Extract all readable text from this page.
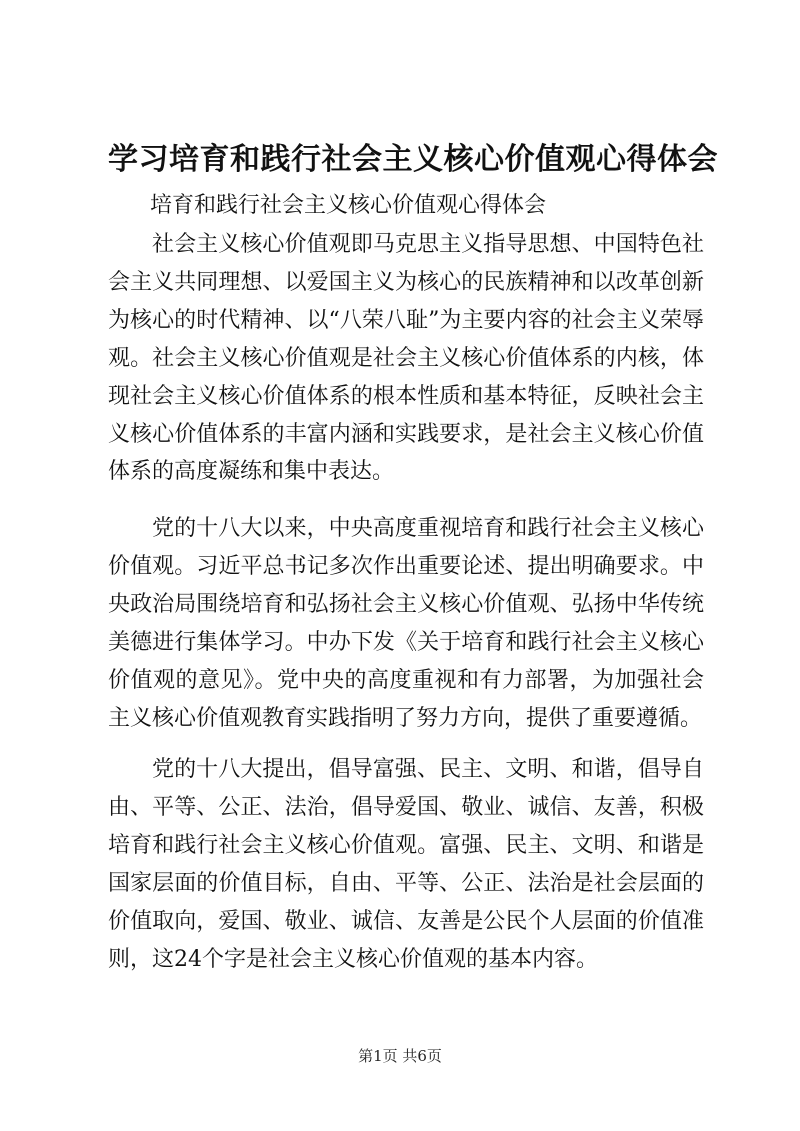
学习培育和践行社会主义核心价值观心得体会
培育和践行社会主义核心价值观心得体会

社会主义核心价值观即马克思主义指导思想、中国特色社会主义共同理想、以爱国主义为核心的民族精神和以改革创新为核心的时代精神、以“八荣八耻”为主要内容的社会主义荣辱观。社会主义核心价值观是社会主义核心价值体系的内核，体现社会主义核心价值体系的根本性质和基本特征，反映社会主义核心价值体系的丰富内涵和实践要求，是社会主义核心价值体系的高度凝练和集中表达。

党的十八大以来，中央高度重视培育和践行社会主义核心价值观。习近平总书记多次作出重要论述、提出明确要求。中央政治局围绕培育和弘扬社会主义核心价值观、弘扬中华传统美德进行集体学习。中办下发《关于培育和践行社会主义核心价值观的意见》。党中央的高度重视和有力部署，为加强社会主义核心价值观教育实践指明了努力方向，提供了重要遵循。

党的十八大提出，倡导富强、民主、文明、和谐，倡导自由、平等、公正、法治，倡导爱国、敬业、诚信、友善，积极培育和践行社会主义核心价值观。富强、民主、文明、和谐是国家层面的价值目标，自由、平等、公正、法治是社会层面的价值取向，爱国、敬业、诚信、友善是公民个人层面的价值准则，这24个字是社会主义核心价值观的基本内容。

第1页 共6页
